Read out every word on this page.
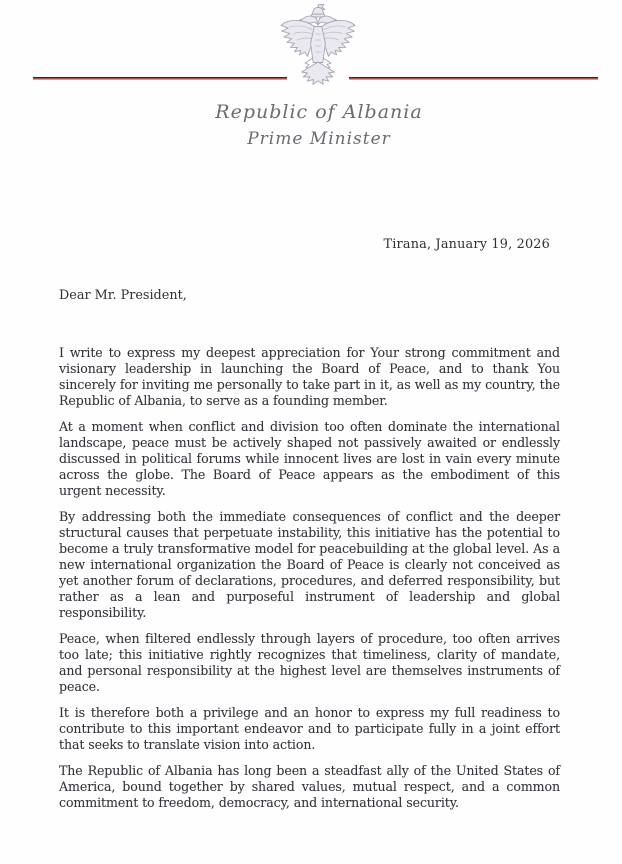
Republic of Albania
Prime Minister
Tirana, January 19, 2026
Dear Mr. President,

I write to express my deepest appreciation for Your strong commitment and visionary leadership in launching the Board of Peace, and to thank You sincerely for inviting me personally to take part in it, as well as my country, the Republic of Albania, to serve as a founding member.

At a moment when conflict and division too often dominate the international landscape, peace must be actively shaped not passively awaited or endlessly discussed in political forums while innocent lives are lost in vain every minute across the globe. The Board of Peace appears as the embodiment of this urgent necessity.

By addressing both the immediate consequences of conflict and the deeper structural causes that perpetuate instability, this initiative has the potential to become a truly transformative model for peacebuilding at the global level. As a new international organization the Board of Peace is clearly not conceived as yet another forum of declarations, procedures, and deferred responsibility, but rather as a lean and purposeful instrument of leadership and global responsibility.

Peace, when filtered endlessly through layers of procedure, too often arrives too late; this initiative rightly recognizes that timeliness, clarity of mandate, and personal responsibility at the highest level are themselves instruments of peace.

It is therefore both a privilege and an honor to express my full readiness to contribute to this important endeavor and to participate fully in a joint effort that seeks to translate vision into action.

The Republic of Albania has long been a steadfast ally of the United States of America, bound together by shared values, mutual respect, and a common commitment to freedom, democracy, and international security.
